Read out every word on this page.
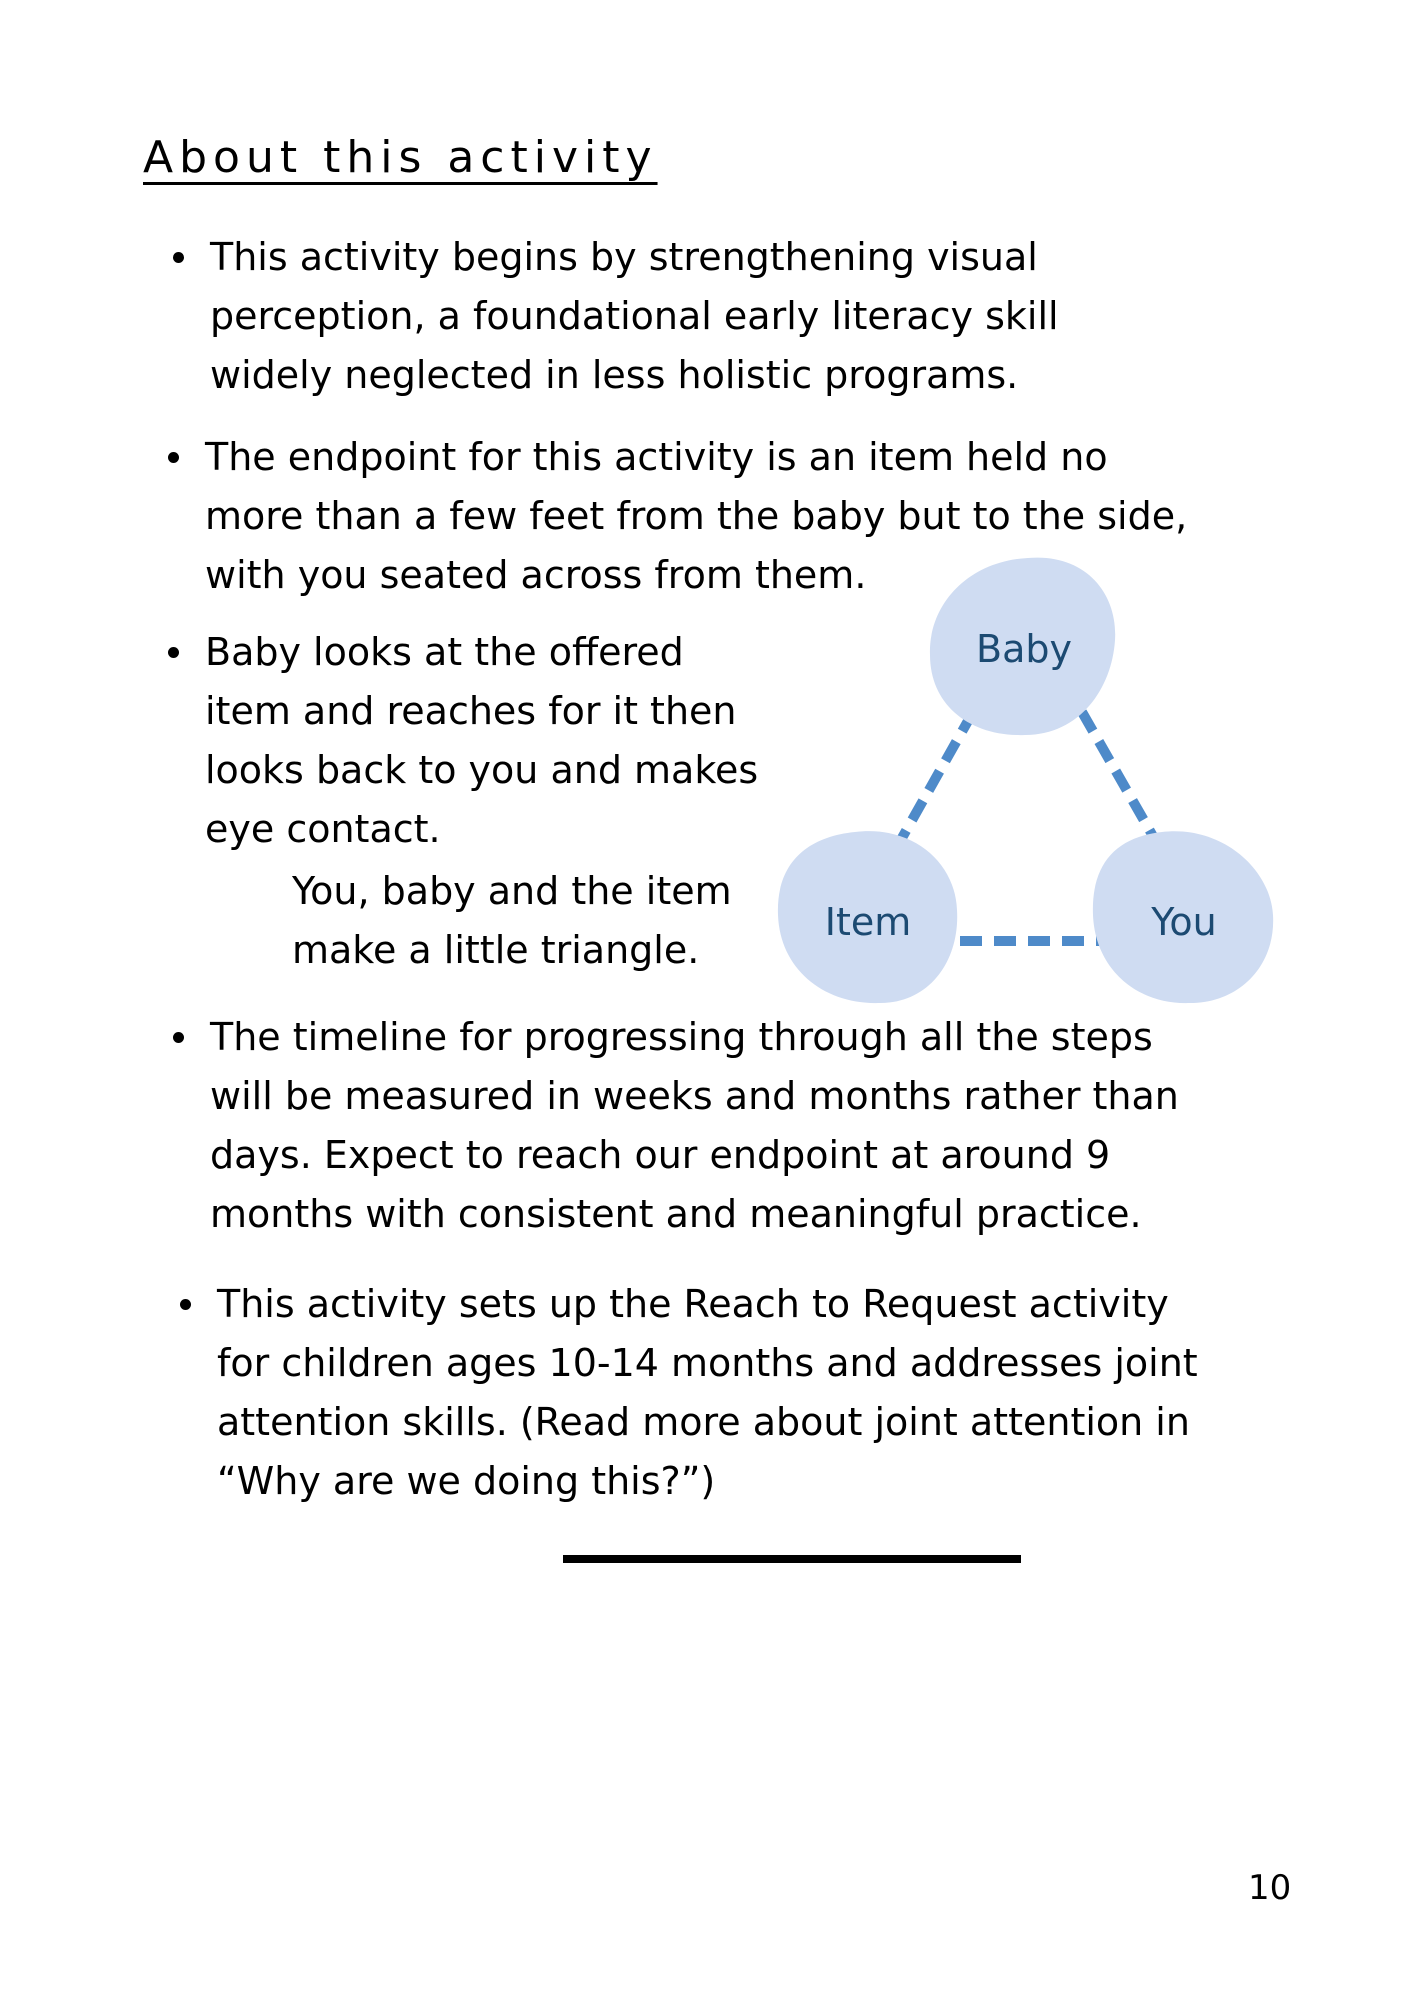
About this activity
This activity begins by strengthening visual
perception, a foundational early literacy skill
widely neglected in less holistic programs.
The endpoint for this activity is an item held no
more than a few feet from the baby but to the side,
with you seated across from them.
Baby looks at the offered
item and reaches for it then
looks back to you and makes
eye contact.
You, baby and the item
make a little triangle.
Baby
Item	You
The timeline for progressing through all the steps
will be measured in weeks and months rather than
days. Expect to reach our endpoint at around 9
months with consistent and meaningful practice.
This activity sets up the Reach to Request activity
for children ages 10-14 months and addresses joint
attention skills. (Read more about joint attention in
“Why are we doing this?”)
10
